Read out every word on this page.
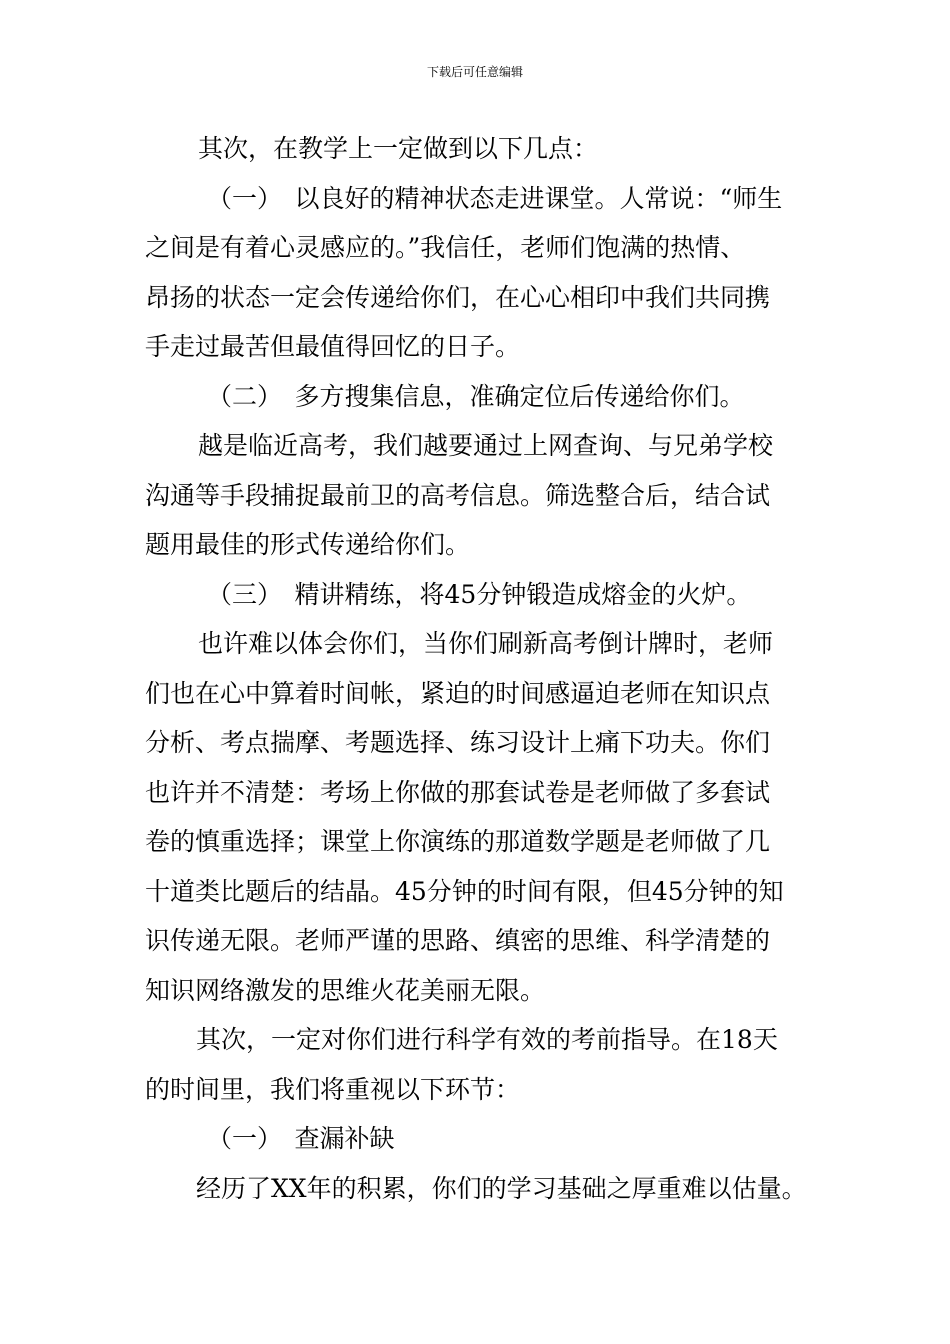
下载后可任意编辑
其次，在教学上一定做到以下几点：
（一）　以良好的精神状态走进课堂。人常说：“师生
之间是有着心灵感应的。”我信任，老师们饱满的热情、
昂扬的状态一定会传递给你们，在心心相印中我们共同携
手走过最苦但最值得回忆的日子。
（二）　多方搜集信息，准确定位后传递给你们。
越是临近高考，我们越要通过上网查询、与兄弟学校
沟通等手段捕捉最前卫的高考信息。筛选整合后，结合试
题用最佳的形式传递给你们。
（三）　精讲精练，将45分钟锻造成熔金的火炉。
也许难以体会你们，当你们刷新高考倒计牌时，老师
们也在心中算着时间帐，紧迫的时间感逼迫老师在知识点
分析、考点揣摩、考题选择、练习设计上痛下功夫。你们
也许并不清楚：考场上你做的那套试卷是老师做了多套试
卷的慎重选择；课堂上你演练的那道数学题是老师做了几
十道类比题后的结晶。45分钟的时间有限，但45分钟的知
识传递无限。老师严谨的思路、缜密的思维、科学清楚的
知识网络激发的思维火花美丽无限。
其次，一定对你们进行科学有效的考前指导。在18天
的时间里，我们将重视以下环节：
（一）　查漏补缺
经历了XX年的积累，你们的学习基础之厚重难以估量。
